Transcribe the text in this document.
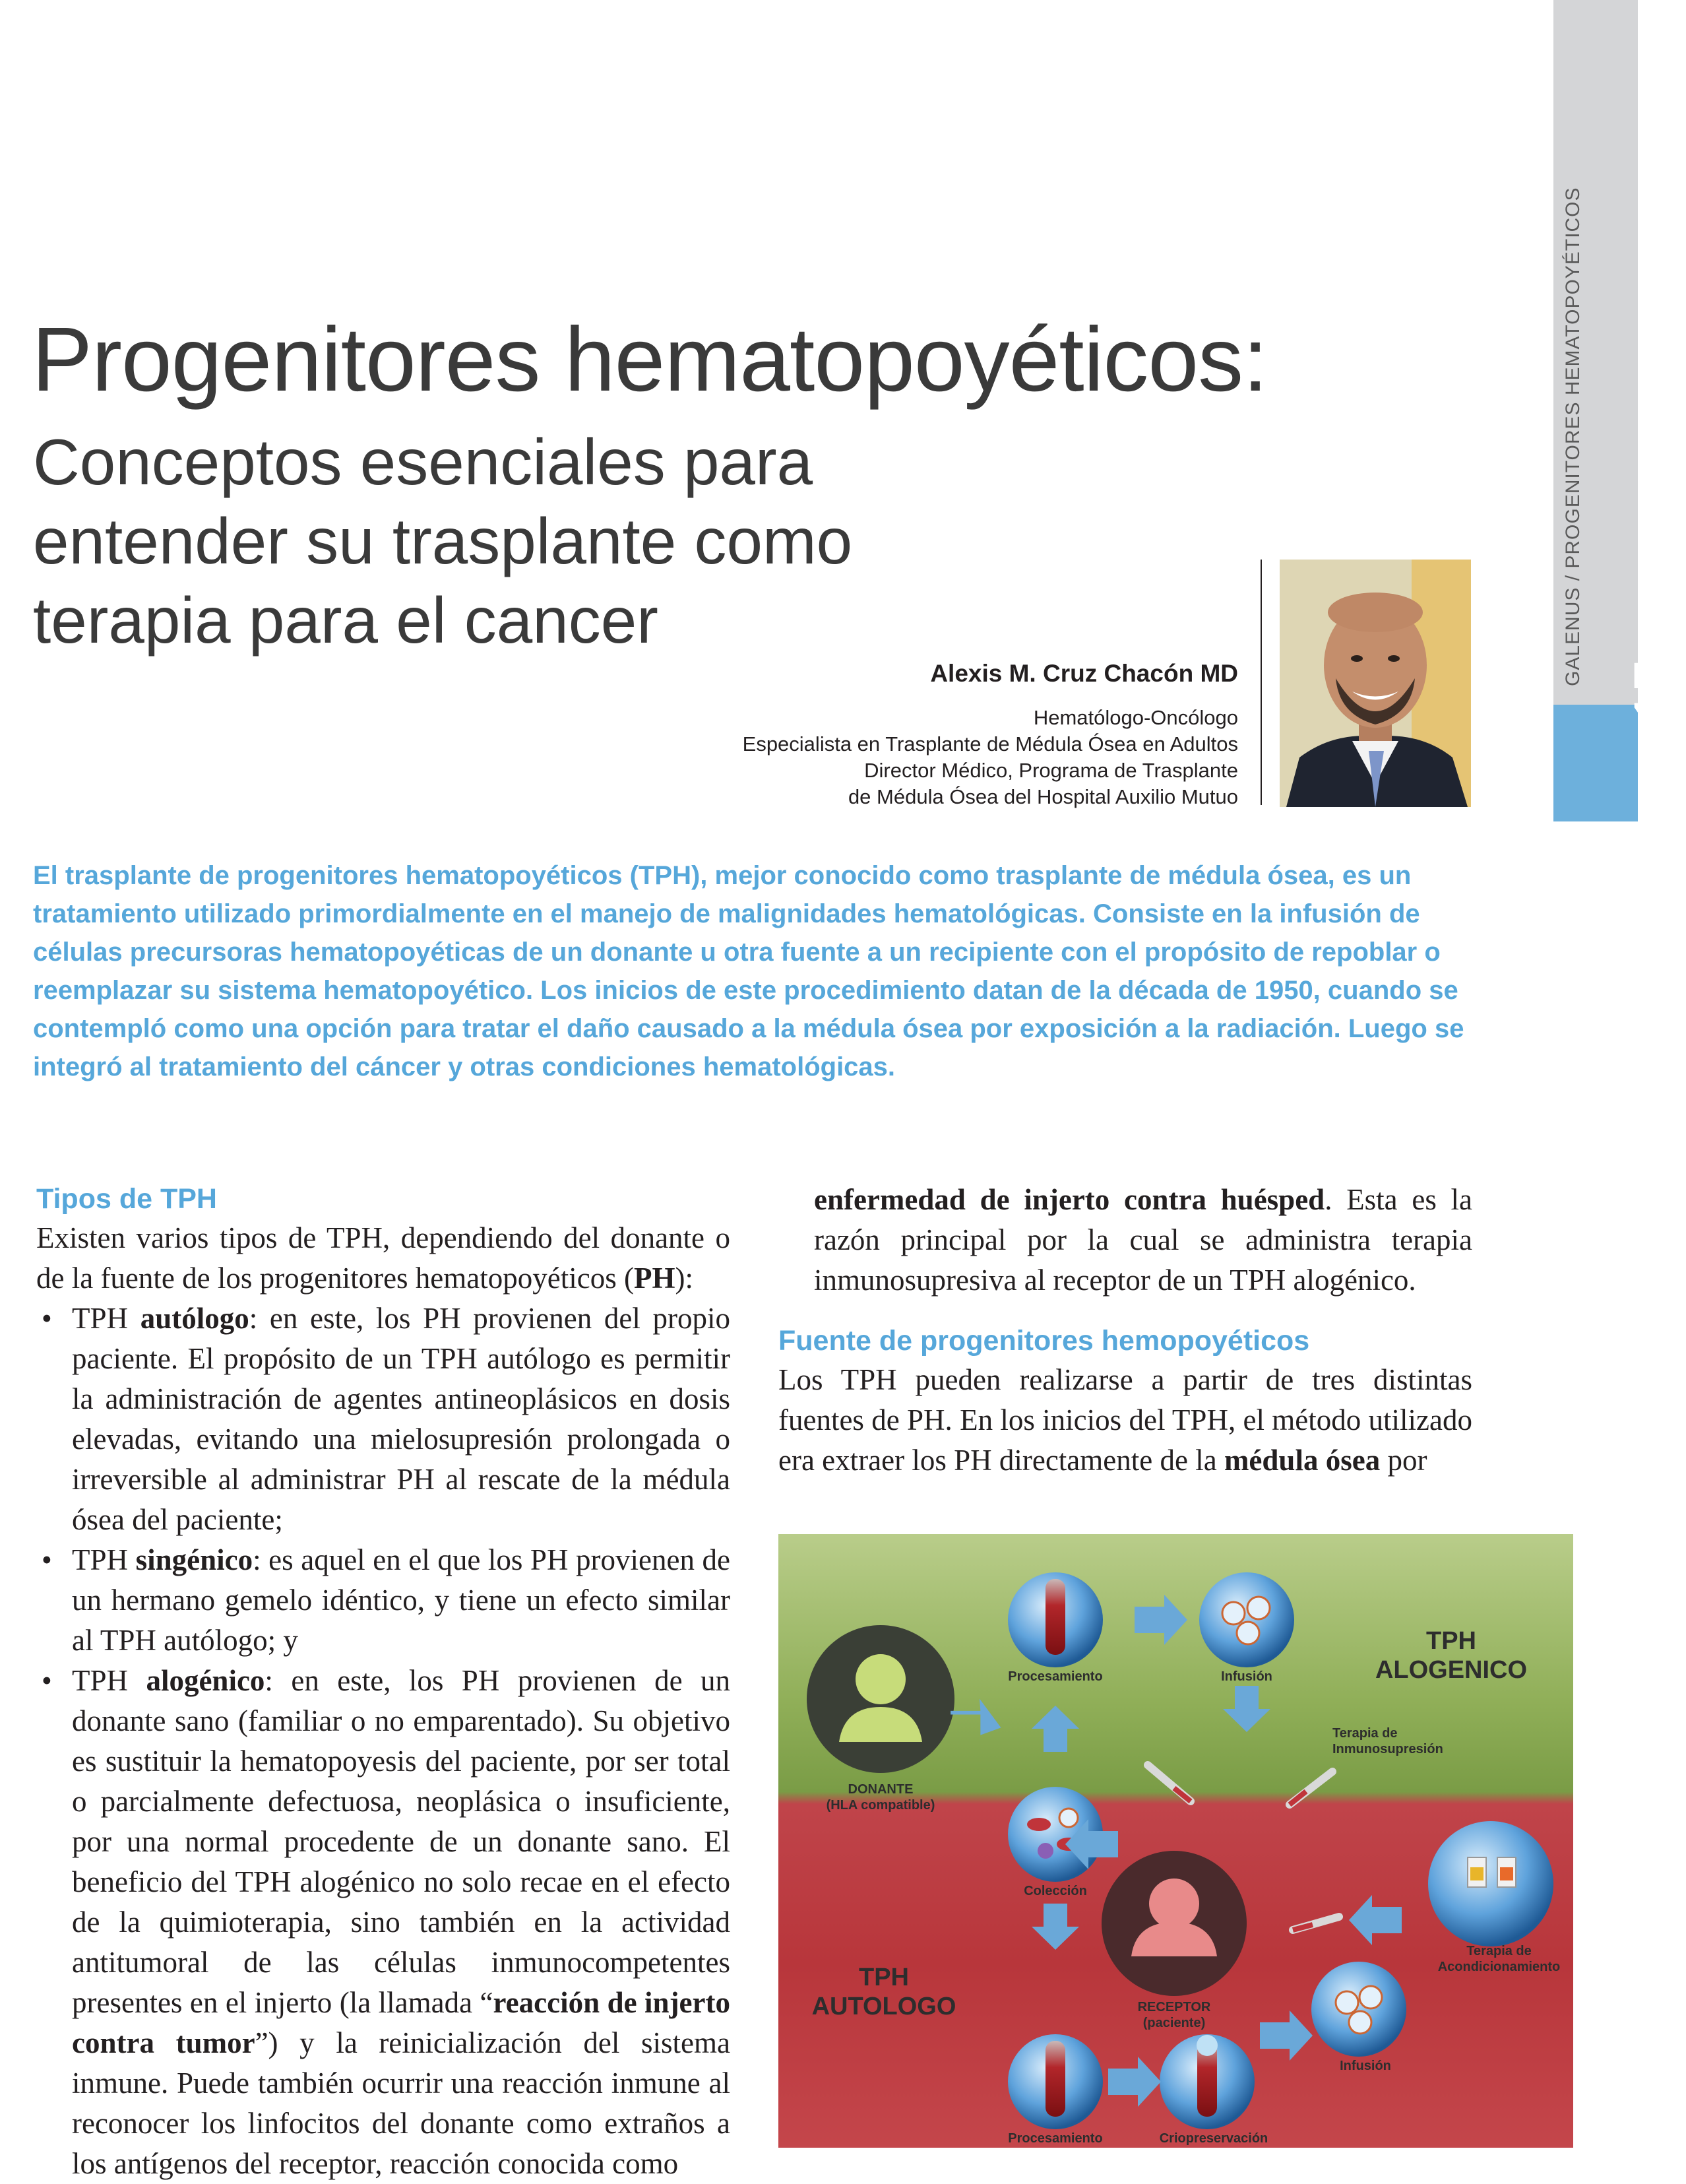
GALENUS / PROGENITORES HEMATOPOYÉTICOS
17
Progenitores hematopoyéticos:
Conceptos esenciales para
entender su trasplante como
terapia para el cancer
Alexis M. Cruz Chacón MD
Hematólogo-Oncólogo
Especialista en Trasplante de Médula Ósea en Adultos
Director Médico, Programa de Trasplante
de Médula Ósea del Hospital Auxilio Mutuo

El trasplante de progenitores hematopoyéticos (TPH), mejor conocido como trasplante de médula ósea, es un tratamiento utilizado primordialmente en el manejo de malignidades hematológicas. Consiste en la infusión de células precursoras hematopoyéticas de un donante u otra fuente a un recipiente con el propósito de repoblar o reemplazar su sistema hematopoyético. Los inicios de este procedimiento datan de la década de 1950, cuando se contempló como una opción para tratar el daño causado a la médula ósea por exposición a la radiación. Luego se integró al tratamiento del cáncer y otras condiciones hematológicas.

Tipos de TPH

Existen varios tipos de TPH, dependiendo del donante o de la fuente de los progenitores hematopoyéticos (PH):

• TPH autólogo: en este, los PH provienen del propio paciente. El propósito de un TPH autólogo es permitir la administración de agentes antineoplásicos en dosis elevadas, evitando una mielosupresión prolongada o irreversible al administrar PH al rescate de la médula ósea del paciente;
• TPH singénico: es aquel en el que los PH provienen de un hermano gemelo idéntico, y tiene un efecto similar al TPH autólogo; y
• TPH alogénico: en este, los PH provienen de un donante sano (familiar o no emparentado). Su objetivo es sustituir la hematopoyesis del paciente, por ser total o parcialmente defectuosa, neoplásica o insuficiente, por una normal procedente de un donante sano. El beneficio del TPH alogénico no solo recae en el efecto de la quimioterapia, sino también en la actividad antitumoral de las células inmunocompetentes presentes en el injerto (la llamada “reacción de injerto contra tumor”) y la reinicialización del sistema inmune. Puede también ocurrir una reacción inmune al reconocer los linfocitos del donante como extraños a los antígenos del receptor, reacción conocida como

enfermedad de injerto contra huésped. Esta es la razón principal por la cual se administra terapia inmunosupresiva al receptor de un TPH alogénico.

Fuente de progenitores hemopoyéticos

Los TPH pueden realizarse a partir de tres distintas fuentes de PH. En los inicios del TPH, el método utilizado era extraer los PH directamente de la médula ósea por

TPH
ALOGENICO
TPH
AUTOLOGO
DONANTE
(HLA compatible)
RECEPTOR
(paciente)
Procesamiento	Infusión
Terapia de
Inmunosupresión
Colección
Terapia de
Acondicionamiento
Infusión
Procesamiento	Criopreservación
